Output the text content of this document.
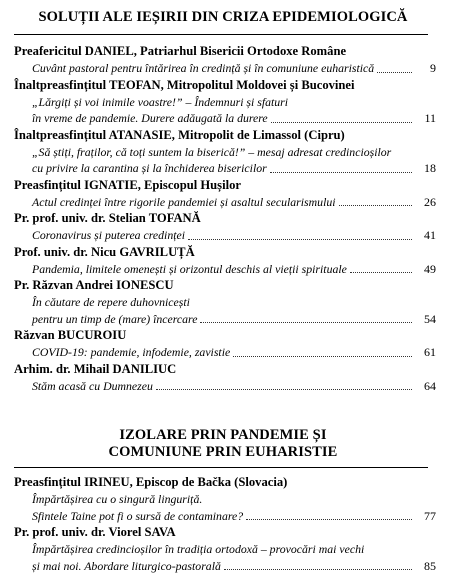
SOLUȚII ALE IEȘIRII DIN CRIZA EPIDEMIOLOGICĂ
Preafericitul DANIEL, Patriarhul Bisericii Ortodoxe Române
Cuvânt pastoral pentru întărirea în credință și în comuniune euharistică	9
Înaltpreasfințitul TEOFAN, Mitropolitul Moldovei și Bucovinei
„Lărgiți și voi inimile voastre!” – Îndemnuri și sfaturi
în vreme de pandemie. Durere adăugată la durere	11
Înaltpreasfințitul ATANASIE, Mitropolit de Limassol (Cipru)
„Să știți, fraților, că toți suntem la biserică!” – mesaj adresat credincioșilor
cu privire la carantina și la închiderea bisericilor	18
Preasfințitul IGNATIE, Episcopul Hușilor
Actul credinței între rigorile pandemiei și asaltul secularismului	26
Pr. prof. univ. dr. Stelian TOFANĂ
Coronavirus și puterea credinței	41
Prof. univ. dr. Nicu GAVRILUȚĂ
Pandemia, limitele omenești și orizontul deschis al vieții spirituale	49
Pr. Răzvan Andrei IONESCU
În căutare de repere duhovnicești
pentru un timp de (mare) încercare	54
Răzvan BUCUROIU
COVID-19: pandemie, infodemie, zavistie	61
Arhim. dr. Mihail DANILIUC
Stăm acasă cu Dumnezeu	64
IZOLARE PRIN PANDEMIE ȘI
COMUNIUNE PRIN EUHARISTIE
Preasfințitul IRINEU, Episcop de Bačka (Slovacia)
Împărtășirea cu o singură linguriță.
Sfintele Taine pot fi o sursă de contaminare?	77
Pr. prof. univ. dr. Viorel SAVA
Împărtășirea credincioșilor în tradiția ortodoxă – provocări mai vechi
și mai noi. Abordare liturgico-pastorală	85
